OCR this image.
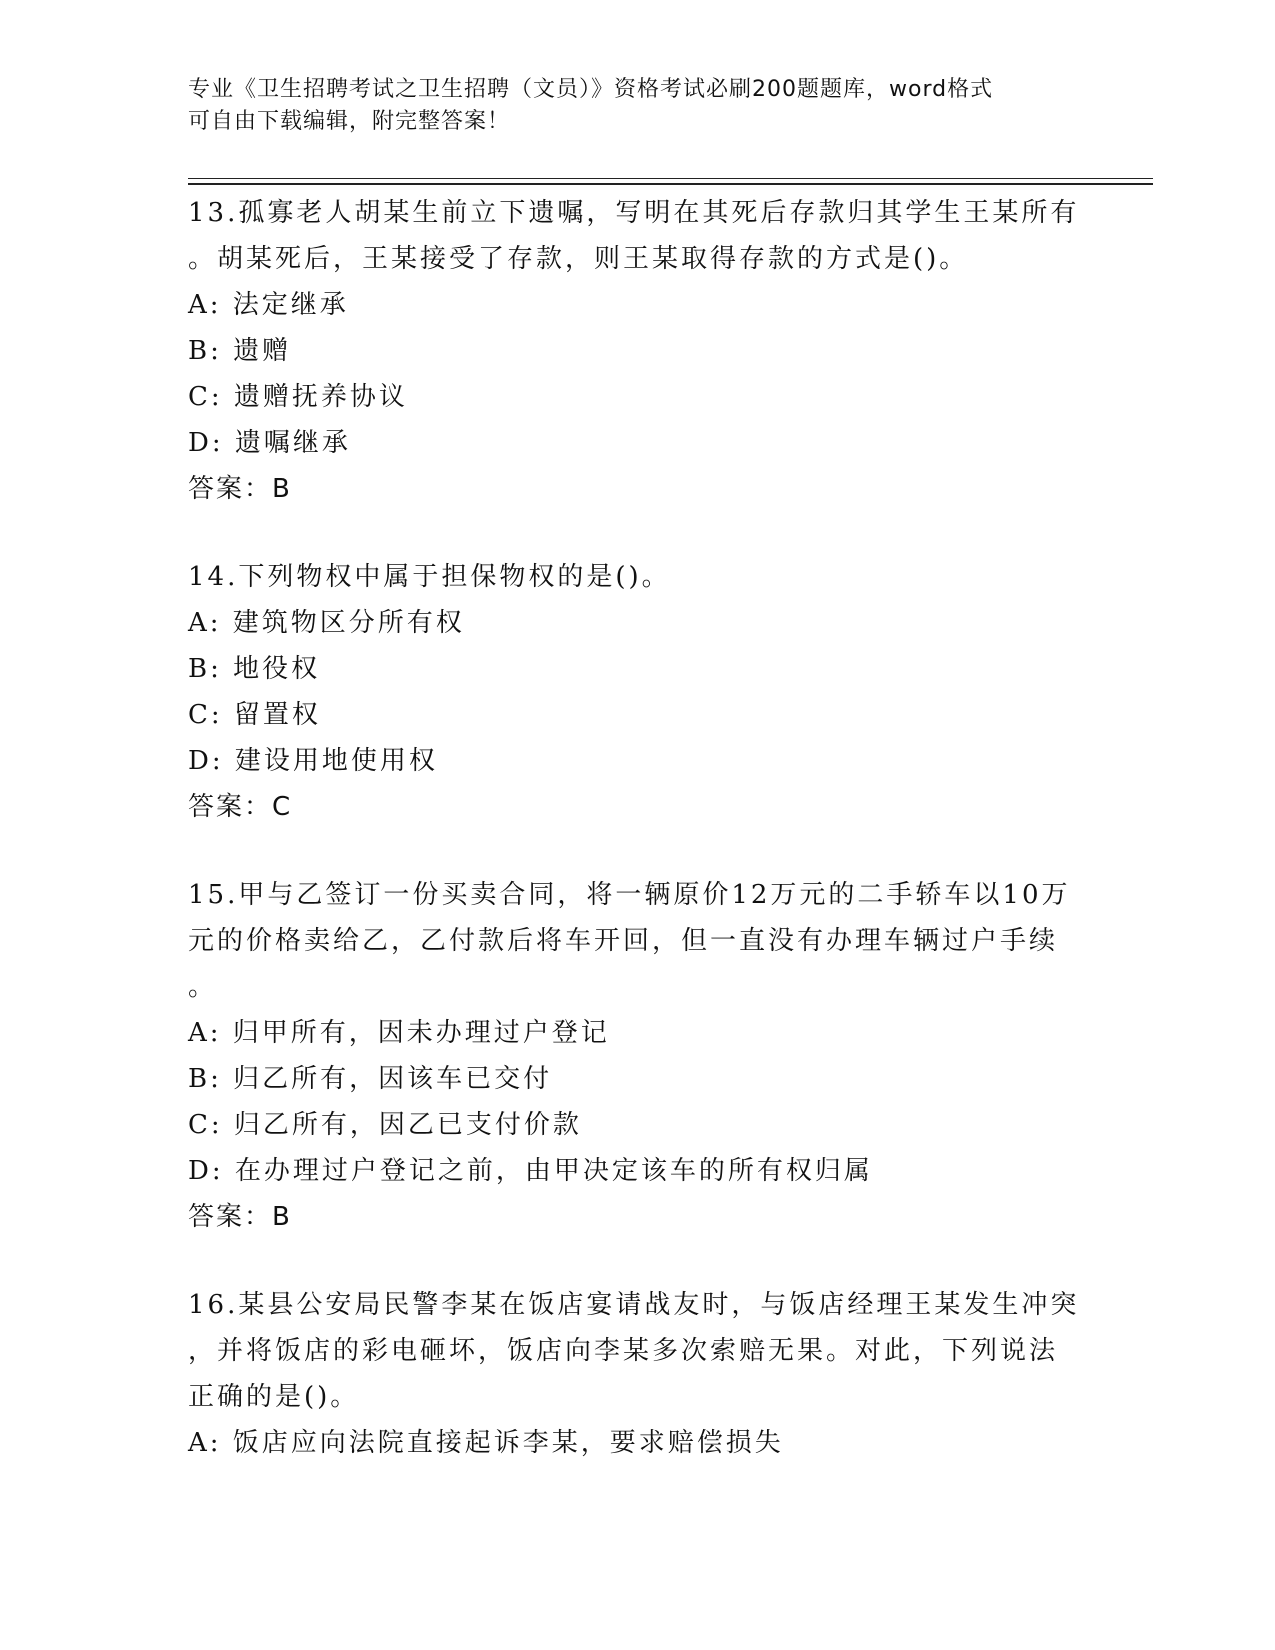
专业《卫生招聘考试之卫生招聘（文员）》资格考试必刷200题题库，word格式
可自由下载编辑，附完整答案！
13.孤寡老人胡某生前立下遗嘱，写明在其死后存款归其学生王某所有
。胡某死后，王某接受了存款，则王某取得存款的方式是()。
A: 法定继承
B: 遗赠
C: 遗赠抚养协议
D: 遗嘱继承
答案：B
14.下列物权中属于担保物权的是()。
A: 建筑物区分所有权
B: 地役权
C: 留置权
D: 建设用地使用权
答案：C
15.甲与乙签订一份买卖合同，将一辆原价12万元的二手轿车以10万
元的价格卖给乙，乙付款后将车开回，但一直没有办理车辆过户手续
。
A: 归甲所有，因未办理过户登记
B: 归乙所有，因该车已交付
C: 归乙所有，因乙已支付价款
D: 在办理过户登记之前，由甲决定该车的所有权归属
答案：B
16.某县公安局民警李某在饭店宴请战友时，与饭店经理王某发生冲突
，并将饭店的彩电砸坏，饭店向李某多次索赔无果。对此，下列说法
正确的是()。
A: 饭店应向法院直接起诉李某，要求赔偿损失
